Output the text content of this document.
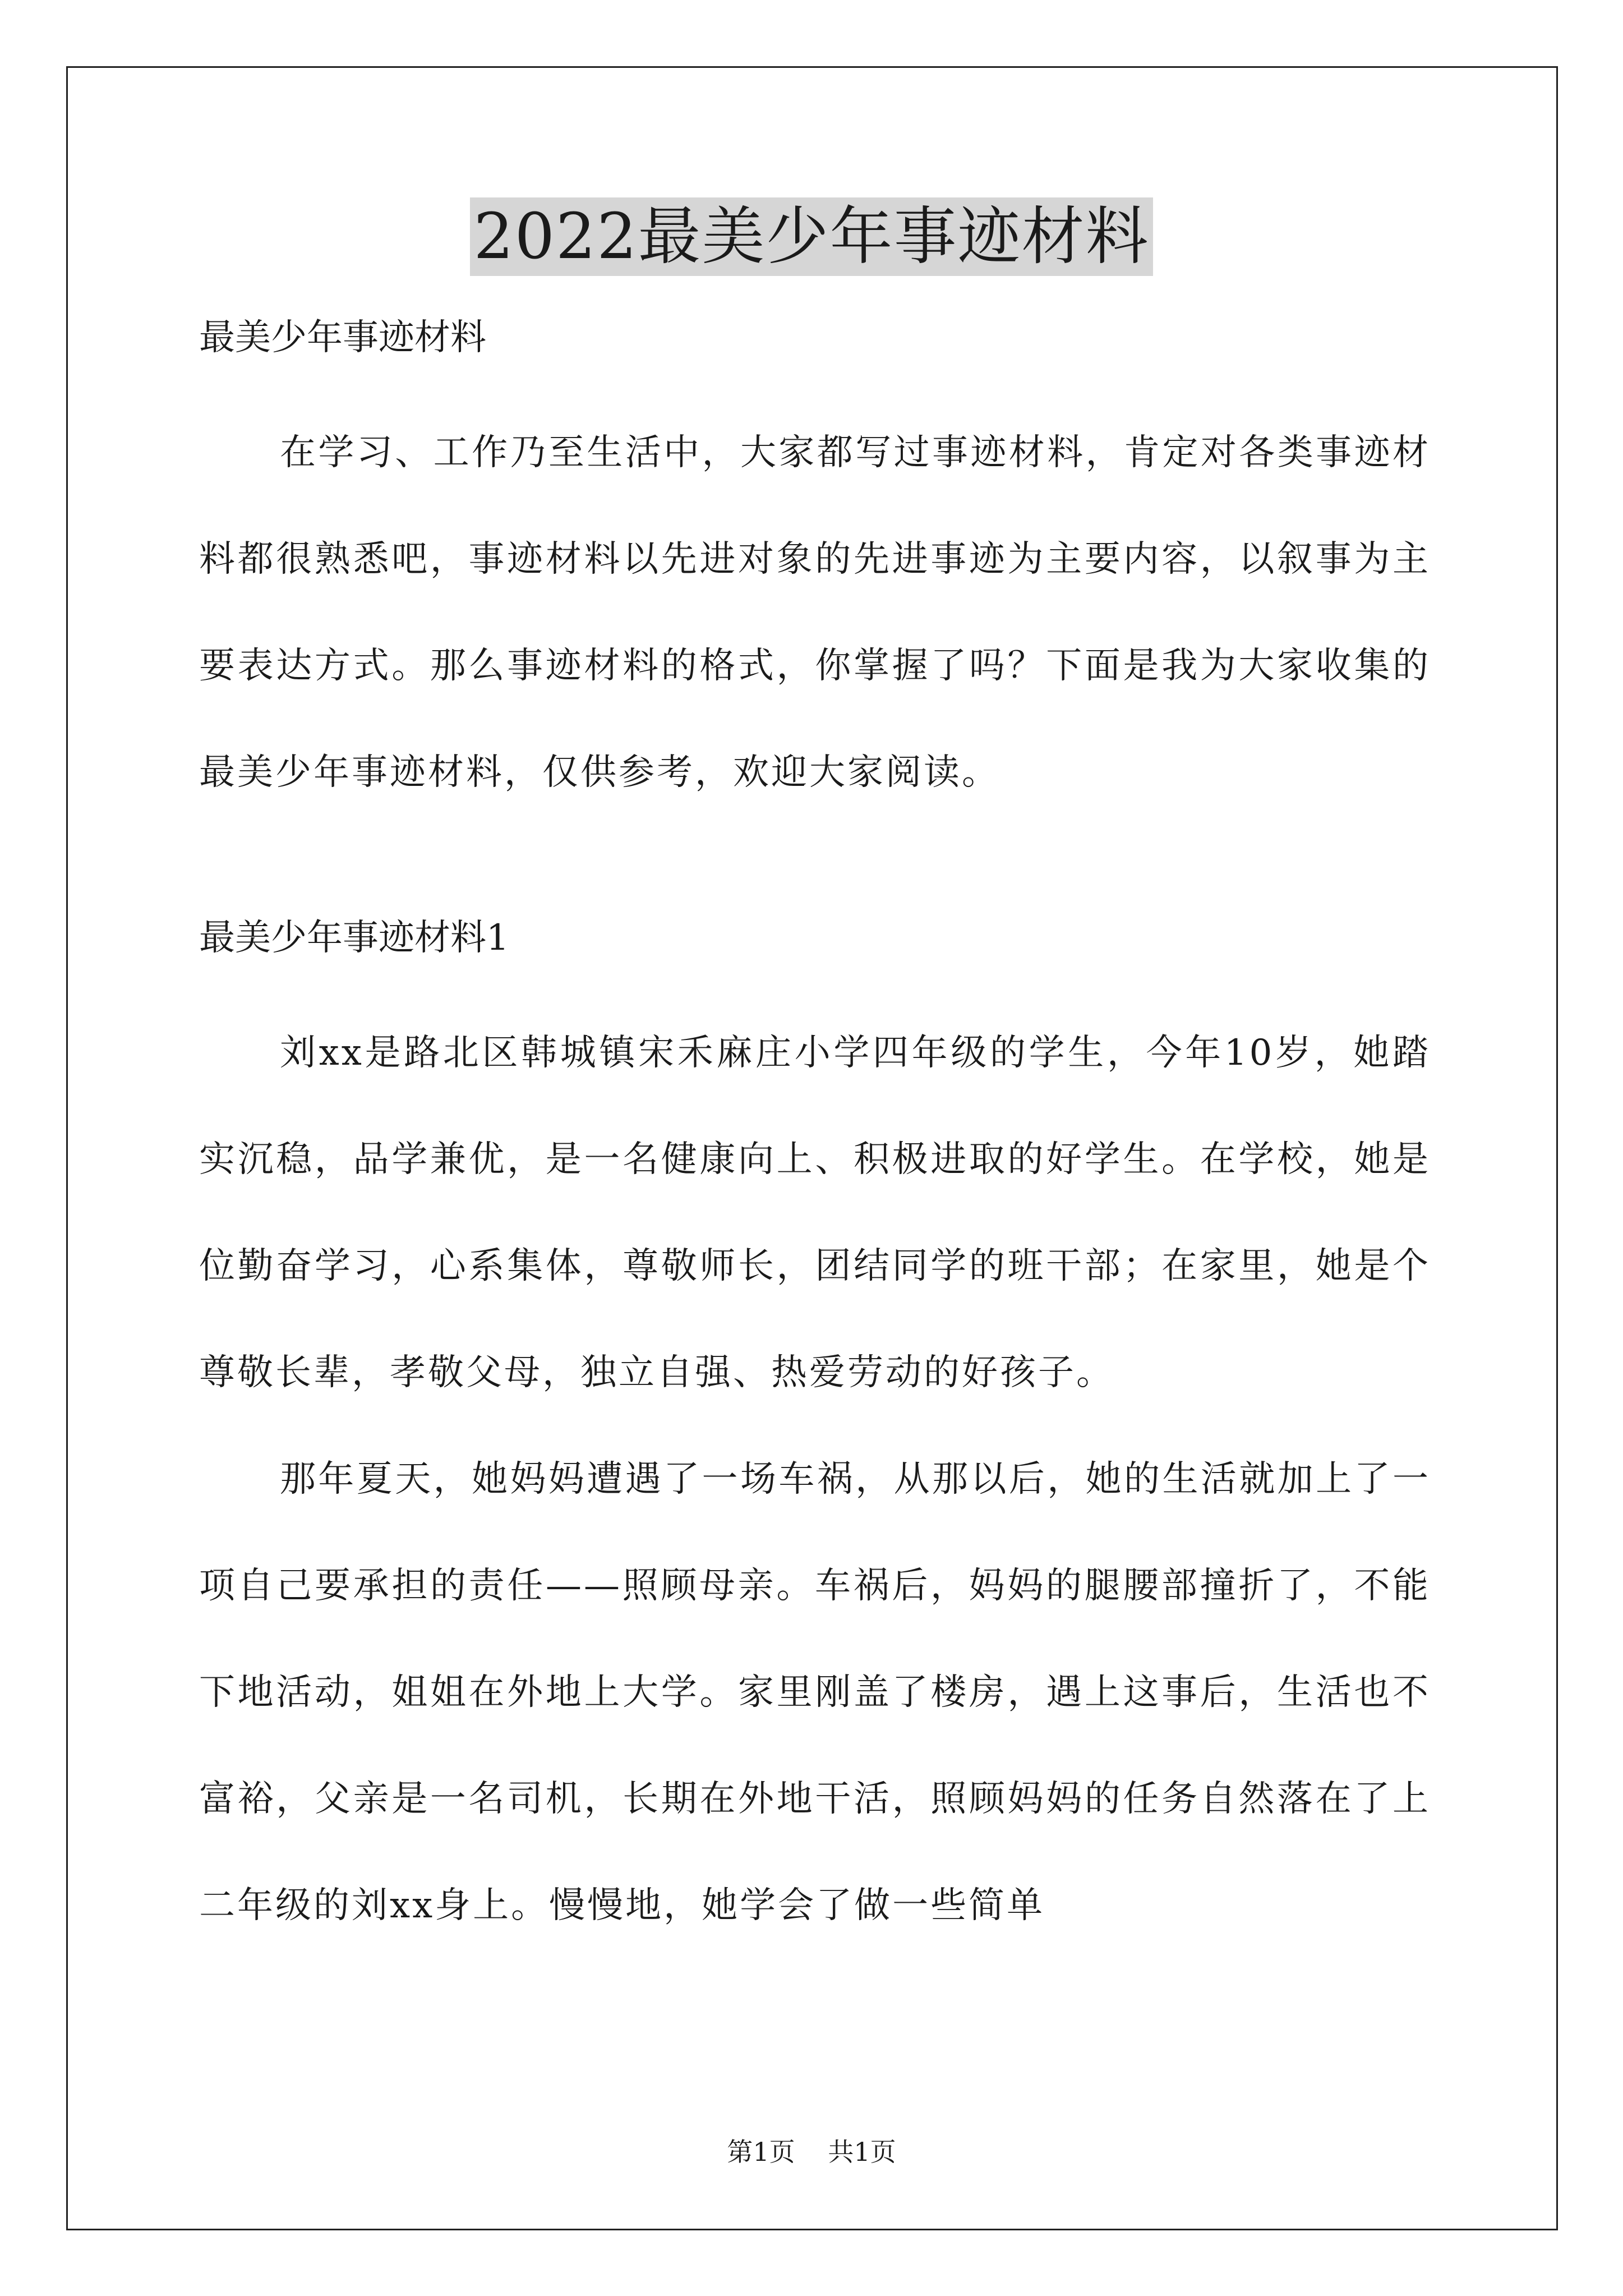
2022最美少年事迹材料

最美少年事迹材料

在学习、工作乃至生活中，大家都写过事迹材料，肯定对各类事迹材料都很熟悉吧，事迹材料以先进对象的先进事迹为主要内容，以叙事为主要表达方式。那么事迹材料的格式，你掌握了吗？下面是我为大家收集的最美少年事迹材料，仅供参考，欢迎大家阅读。

最美少年事迹材料1

刘xx是路北区韩城镇宋禾麻庄小学四年级的学生，今年10岁，她踏实沉稳，品学兼优，是一名健康向上、积极进取的好学生。在学校，她是位勤奋学习，心系集体，尊敬师长，团结同学的班干部；在家里，她是个尊敬长辈，孝敬父母，独立自强、热爱劳动的好孩子。

那年夏天，她妈妈遭遇了一场车祸，从那以后，她的生活就加上了一项自己要承担的责任——照顾母亲。车祸后，妈妈的腿腰部撞折了，不能下地活动，姐姐在外地上大学。家里刚盖了楼房，遇上这事后，生活也不富裕，父亲是一名司机，长期在外地干活，照顾妈妈的任务自然落在了上二年级的刘xx身上。慢慢地，她学会了做一些简单

第1页 共1页
